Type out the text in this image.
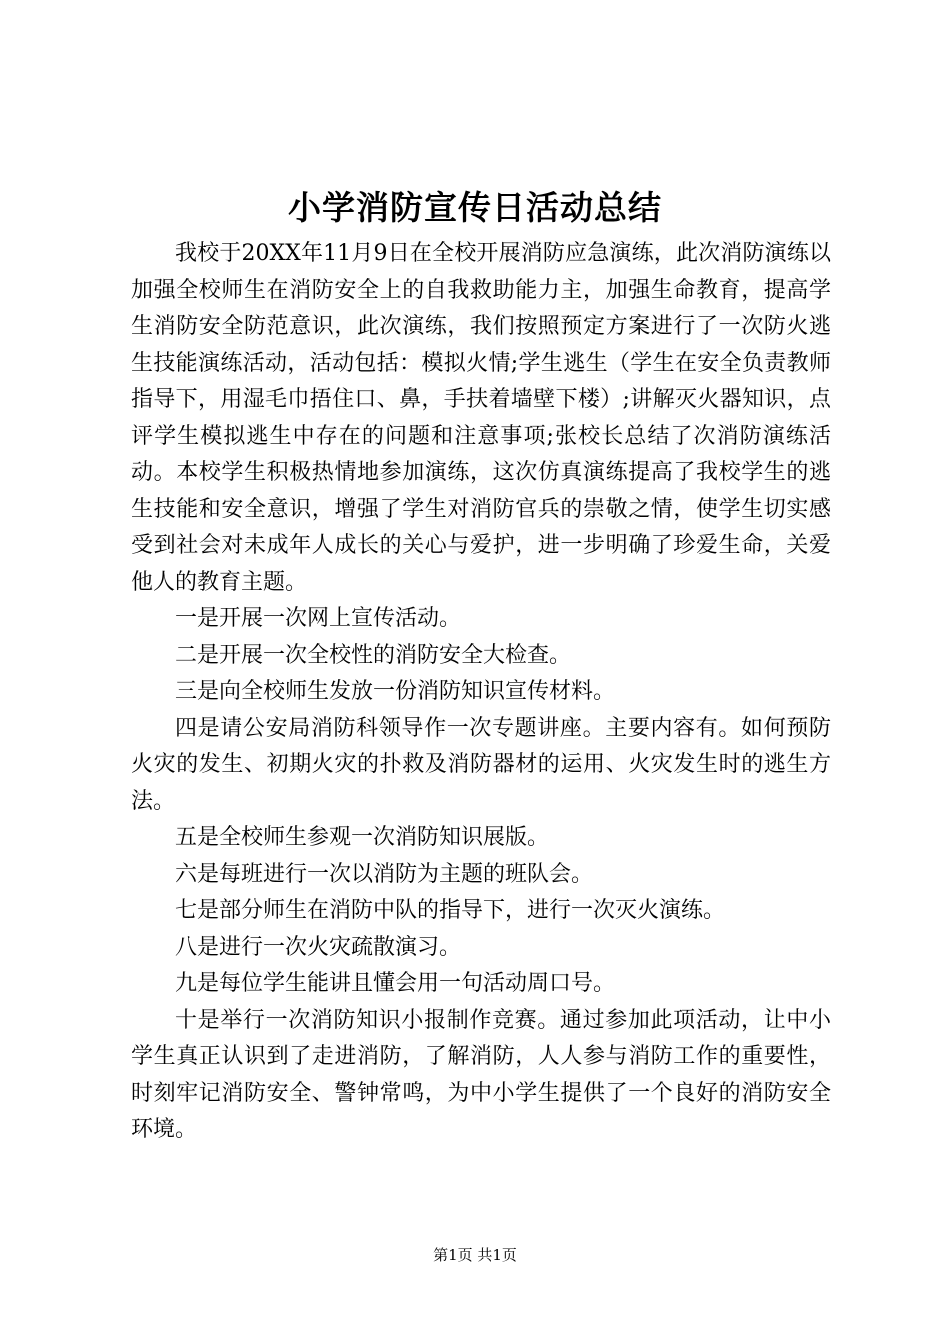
小学消防宣传日活动总结

我校于20XX年11月9日在全校开展消防应急演练，此次消防演练以加强全校师生在消防安全上的自我救助能力主，加强生命教育，提高学生消防安全防范意识，此次演练，我们按照预定方案进行了一次防火逃生技能演练活动，活动包括：模拟火情;学生逃生（学生在安全负责教师指导下，用湿毛巾捂住口、鼻，手扶着墙壁下楼）;讲解灭火器知识，点评学生模拟逃生中存在的问题和注意事项;张校长总结了次消防演练活动。本校学生积极热情地参加演练，这次仿真演练提高了我校学生的逃生技能和安全意识，增强了学生对消防官兵的崇敬之情，使学生切实感受到社会对未成年人成长的关心与爱护，进一步明确了珍爱生命，关爱他人的教育主题。

一是开展一次网上宣传活动。

二是开展一次全校性的消防安全大检查。

三是向全校师生发放一份消防知识宣传材料。

四是请公安局消防科领导作一次专题讲座。主要内容有。如何预防火灾的发生、初期火灾的扑救及消防器材的运用、火灾发生时的逃生方法。

五是全校师生参观一次消防知识展版。

六是每班进行一次以消防为主题的班队会。

七是部分师生在消防中队的指导下，进行一次灭火演练。

八是进行一次火灾疏散演习。

九是每位学生能讲且懂会用一句活动周口号。

十是举行一次消防知识小报制作竞赛。通过参加此项活动，让中小学生真正认识到了走进消防，了解消防，人人参与消防工作的重要性，时刻牢记消防安全、警钟常鸣，为中小学生提供了一个良好的消防安全环境。

第1页 共1页
